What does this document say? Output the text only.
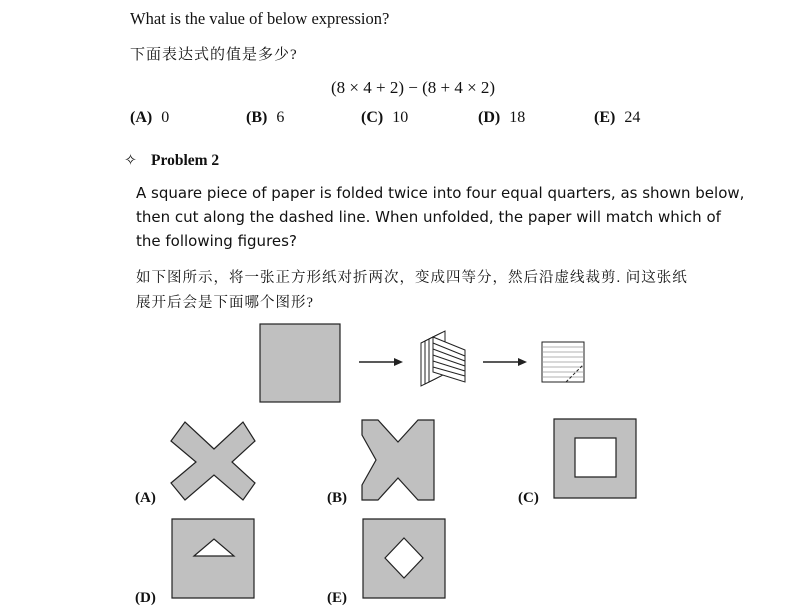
What is the value of below expression?
下面表达式的值是多少?
(8 × 4 + 2) − (8 + 4 × 2)
(A) 0	(B) 6	(C) 10	(D) 18	(E) 24
✧ Problem 2
A square piece of paper is folded twice into four equal quarters, as shown below,
then cut along the dashed line. When unfolded, the paper will match which of
the following figures?
如下图所示，将一张正方形纸对折两次，变成四等分，然后沿虚线裁剪. 问这张纸
展开后会是下面哪个图形?
(A)	(B)	(C)
(D)	(E)
